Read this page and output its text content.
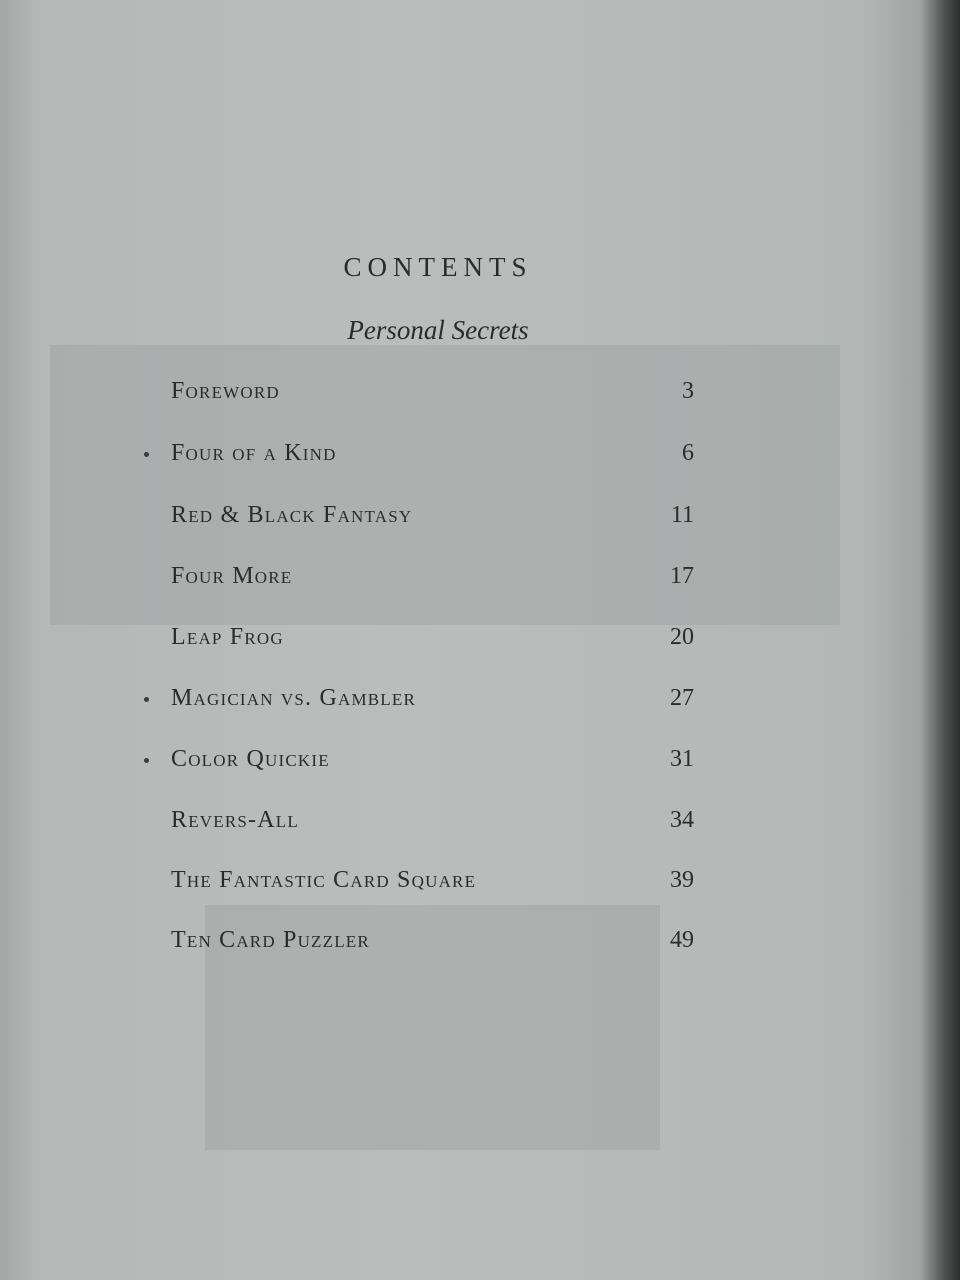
CONTENTS
Personal Secrets
Foreword	3
Four of a Kind	6
Red & Black Fantasy	11
Four More	17
Leap Frog	20
Magician vs. Gambler	27
Color Quickie	31
Revers-All	34
The Fantastic Card Square	39
Ten Card Puzzler	49
